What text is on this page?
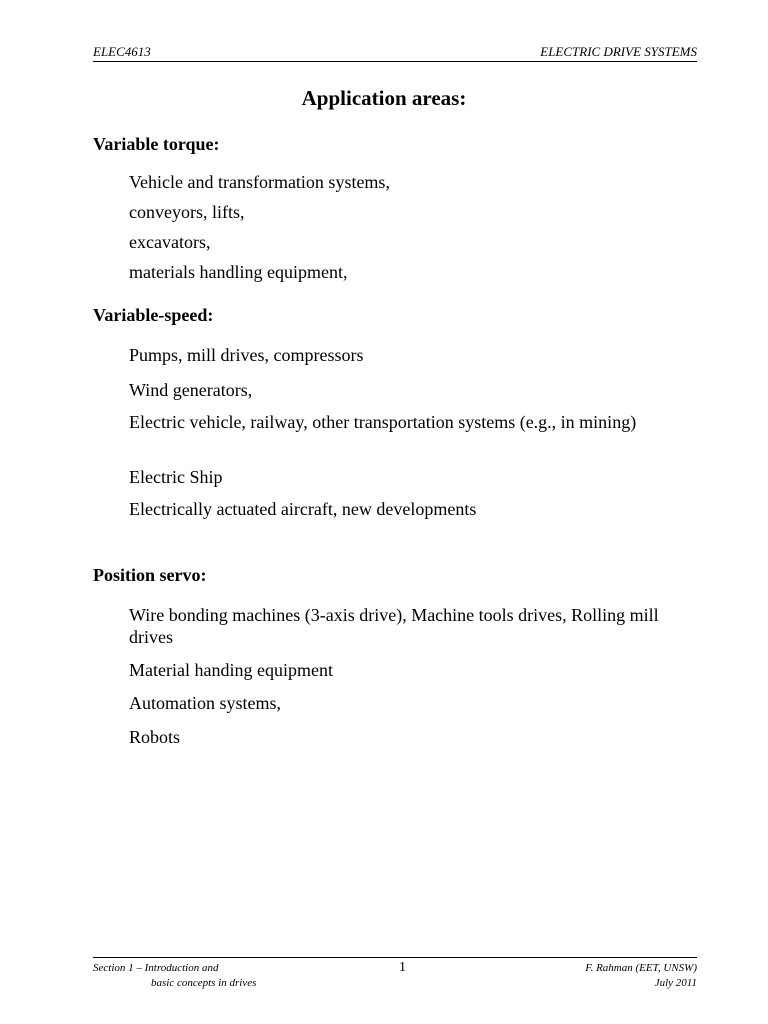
ELEC4613	ELECTRIC DRIVE SYSTEMS
Application areas:
Variable torque:
Vehicle and transformation systems,
conveyors, lifts,
excavators,
materials handling equipment,
Variable-speed:
Pumps, mill drives, compressors
Wind generators,
Electric vehicle, railway, other transportation systems (e.g., in mining)
Electric Ship
Electrically actuated aircraft, new developments
Position servo:
Wire bonding machines (3-axis drive), Machine tools drives, Rolling mill drives
Material handing equipment
Automation systems,
Robots
Section 1 – Introduction and
basic concepts in drives
1	F. Rahman (EET, UNSW)
July 2011
